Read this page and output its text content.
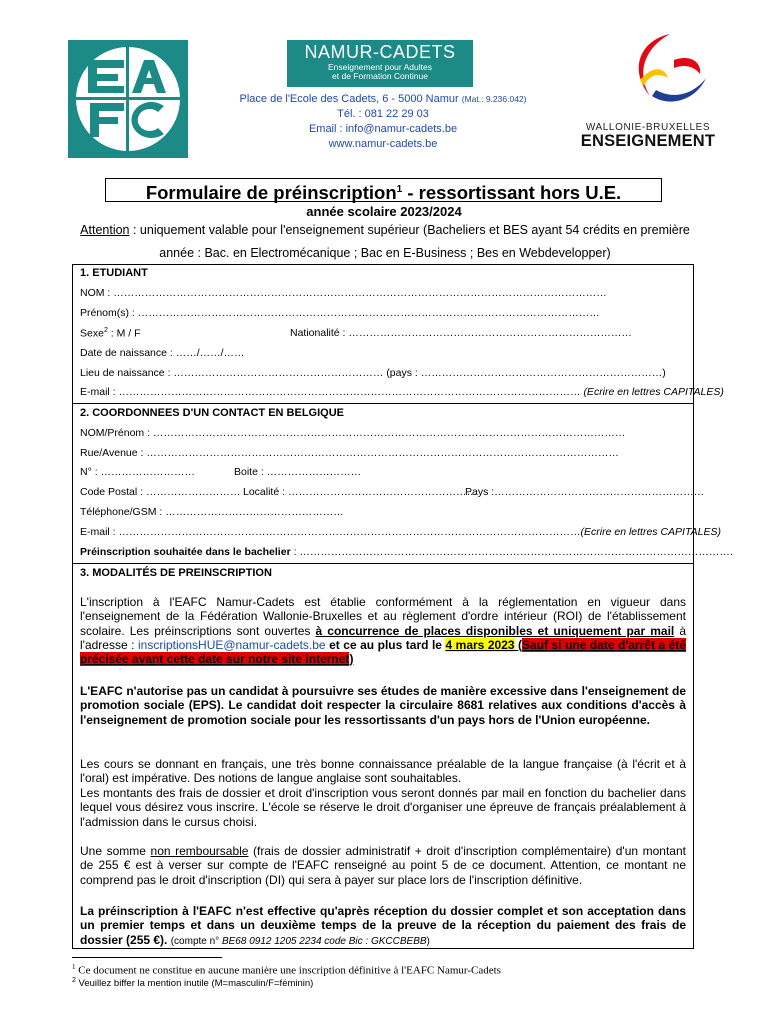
NAMUR-CADETS
Enseignement pour Adultes
et de Formation Continue
Place de l'Ecole des Cadets, 6 - 5000 Namur (Mat.: 9.236.042)
Tél. : 081 22 29 03
Email : info@namur-cadets.be
www.namur-cadets.be
WALLONIE-BRUXELLES
ENSEIGNEMENT
Formulaire de préinscription$^1$ - ressortissant hors U.E.
année scolaire 2023/2024
Attention : uniquement valable pour l'enseignement supérieur (Bacheliers et BES ayant 54 crédits en première année : Bac. en Electromécanique ; Bac en E-Business ; Bes en Webdevelopper)
1. ETUDIANT
NOM : ……………………………………………………………………………………………………………………………
Prénom(s) : ……………………………………………………………………………………………………………………
Sexe$^2$ : M / F	Nationalité : ………………………………………………………………………
Date de naissance : ……/……/……
Lieu de naissance : …………………………………………………… (pays : ……………………………………………………………)
E-mail : …………………………………………………………………………………………………………………… (Ecrire en lettres CAPITALES)
2. COORDONNEES D'UN CONTACT EN BELGIQUE
NOM/Prénom : ………………………………………………………………………………………………………………………
Rue/Avenue : ………………………………………………………………………………………………………………………
N° : ………………………	Boite : ………………………
Code Postal : ……………………… Localité : ………………………………………………
Pays :……………………………………………………
Téléphone/GSM : ……………………………………………
E-mail : ……………………………………………………………………………………………………………………(Ecrire en lettres CAPITALES)
Préinscription souhaitée dans le bachelier : …………………………………………………………………………………………………………….
3. MODALITÉS DE PREINSCRIPTION
L'inscription à l'EAFC Namur-Cadets est établie conformément à la réglementation en vigueur dans l'enseignement de la Fédération Wallonie-Bruxelles et au règlement d'ordre intérieur (ROI) de l'établissement scolaire. Les préinscriptions sont ouvertes à concurrence de places disponibles et uniquement par mail à l'adresse : inscriptionsHUE@namur-cadets.be et ce au plus tard le 4 mars 2023 (Sauf si une date d'arrêt a été précisée avant cette date sur notre site internet)
L'EAFC n'autorise pas un candidat à poursuivre ses études de manière excessive dans l'enseignement de promotion sociale (EPS). Le candidat doit respecter la circulaire 8681 relatives aux conditions d'accès à l'enseignement de promotion sociale pour les ressortissants d'un pays hors de l'Union européenne.
Les cours se donnant en français, une très bonne connaissance préalable de la langue française (à l'écrit et à l'oral) est impérative. Des notions de langue anglaise sont souhaitables.
Les montants des frais de dossier et droit d'inscription vous seront donnés par mail en fonction du bachelier dans lequel vous désirez vous inscrire. L'école se réserve le droit d'organiser une épreuve de français préalablement à l'admission dans le cursus choisi.
Une somme non remboursable (frais de dossier administratif + droit d'inscription complémentaire) d'un montant de 255 € est à verser sur compte de l'EAFC renseigné au point 5 de ce document. Attention, ce montant ne comprend pas le droit d'inscription (DI) qui sera à payer sur place lors de l'inscription définitive.
La préinscription à l'EAFC n'est effective qu'après réception du dossier complet et son acceptation dans un premier temps et dans un deuxième temps de la preuve de la réception du paiement des frais de dossier (255 €). (compte n° BE68 0912 1205 2234 code Bic : GKCCBEBB)
$^1$ Ce document ne constitue en aucune manière une inscription définitive à l'EAFC Namur-Cadets
$^2$ Veuillez biffer la mention inutile (M=masculin/F=féminin)
